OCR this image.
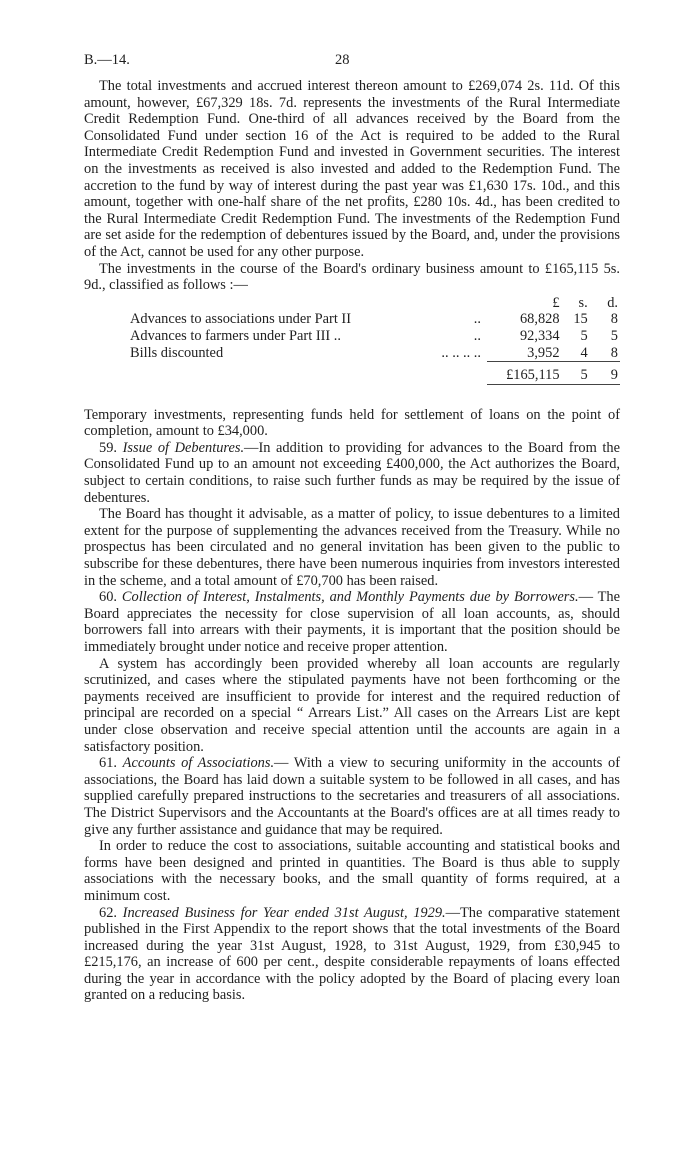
B.—14.	28

The total investments and accrued interest thereon amount to £269,074 2s. 11d. Of this amount, however, £67,329 18s. 7d. represents the investments of the Rural Intermediate Credit Redemption Fund. One-third of all advances received by the Board from the Consolidated Fund under section 16 of the Act is required to be added to the Rural Intermediate Credit Redemption Fund and invested in Government securities. The interest on the investments as received is also invested and added to the Redemption Fund. The accretion to the fund by way of interest during the past year was £1,630 17s. 10d., and this amount, together with one-half share of the net profits, £280 10s. 4d., has been credited to the Rural Intermediate Credit Redemption Fund. The investments of the Redemption Fund are set aside for the redemption of debentures issued by the Board, and, under the provisions of the Act, cannot be used for any other purpose.

The investments in the course of the Board's ordinary business amount to £165,115 5s. 9d., classified as follows :—

		£	s.	d.
Advances to associations under Part II	..	68,828	15	8
Advances to farmers under Part III ..	..	92,334	5	5
Bills discounted	.. .. .. ..	3,952	4	8
		£165,115	5	9

Temporary investments, representing funds held for settlement of loans on the point of completion, amount to £34,000.

59. Issue of Debentures.—In addition to providing for advances to the Board from the Consolidated Fund up to an amount not exceeding £400,000, the Act authorizes the Board, subject to certain conditions, to raise such further funds as may be required by the issue of debentures.

The Board has thought it advisable, as a matter of policy, to issue debentures to a limited extent for the purpose of supplementing the advances received from the Treasury. While no prospectus has been circulated and no general invitation has been given to the public to subscribe for these debentures, there have been numerous inquiries from investors interested in the scheme, and a total amount of £70,700 has been raised.

60. Collection of Interest, Instalments, and Monthly Payments due by Borrowers.— The Board appreciates the necessity for close supervision of all loan accounts, as, should borrowers fall into arrears with their payments, it is important that the position should be immediately brought under notice and receive proper attention.

A system has accordingly been provided whereby all loan accounts are regularly scrutinized, and cases where the stipulated payments have not been forthcoming or the payments received are insufficient to provide for interest and the required reduction of principal are recorded on a special “ Arrears List.” All cases on the Arrears List are kept under close observation and receive special attention until the accounts are again in a satisfactory position.

61. Accounts of Associations.— With a view to securing uniformity in the accounts of associations, the Board has laid down a suitable system to be followed in all cases, and has supplied carefully prepared instructions to the secretaries and treasurers of all associations. The District Supervisors and the Accountants at the Board's offices are at all times ready to give any further assistance and guidance that may be required.

In order to reduce the cost to associations, suitable accounting and statistical books and forms have been designed and printed in quantities. The Board is thus able to supply associations with the necessary books, and the small quantity of forms required, at a minimum cost.

62. Increased Business for Year ended 31st August, 1929.—The comparative statement published in the First Appendix to the report shows that the total investments of the Board increased during the year 31st August, 1928, to 31st August, 1929, from £30,945 to £215,176, an increase of 600 per cent., despite considerable repayments of loans effected during the year in accordance with the policy adopted by the Board of placing every loan granted on a reducing basis.
